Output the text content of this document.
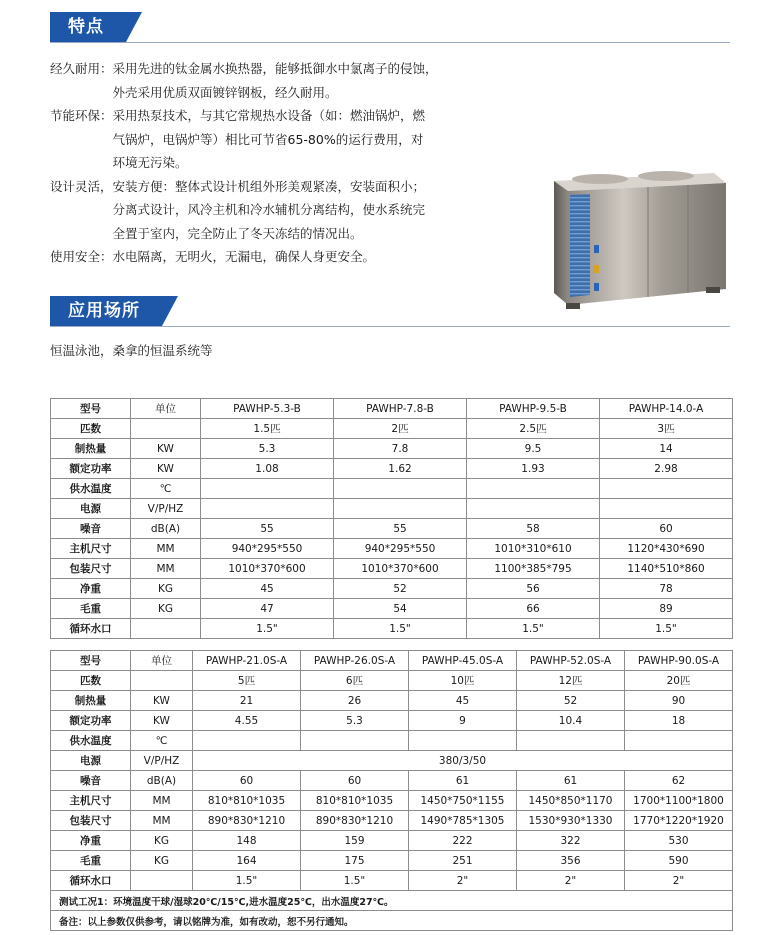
特点
经久耐用： 采用先进的钛金属水换热器，能够抵御水中氯离子的侵蚀，
外壳采用优质双面镀锌钢板，经久耐用。
节能环保： 采用热泵技术，与其它常规热水设备（如：燃油锅炉，燃
气锅炉，电锅炉等）相比可节省65-80%的运行费用，对
环境无污染。
设计灵活， 安装方便：整体式设计机组外形美观紧凑，安装面积小；
分离式设计，风冷主机和冷水辅机分离结构，使水系统完
全置于室内，完全防止了冬天冻结的情况出。
使用安全： 水电隔离，无明火，无漏电，确保人身更安全。
应用场所
恒温泳池，桑拿的恒温系统等
型号	单位	PAWHP-5.3-B	PAWHP-7.8-B	PAWHP-9.5-B	PAWHP-14.0-A
匹数		1.5匹	2匹	2.5匹	3匹
制热量	KW	5.3	7.8	9.5	14
额定功率	KW	1.08	1.62	1.93	2.98
供水温度	℃				
电源	V/P/HZ				
噪音	dB(A)	55	55	58	60
主机尺寸	MM	940*295*550	940*295*550	1010*310*610	1120*430*690
包装尺寸	MM	1010*370*600	1010*370*600	1100*385*795	1140*510*860
净重	KG	45	52	56	78
毛重	KG	47	54	66	89
循环水口		1.5"	1.5"	1.5"	1.5"
型号	单位	PAWHP-21.0S-A	PAWHP-26.0S-A	PAWHP-45.0S-A	PAWHP-52.0S-A	PAWHP-90.0S-A
匹数		5匹	6匹	10匹	12匹	20匹
制热量	KW	21	26	45	52	90
额定功率	KW	4.55	5.3	9	10.4	18
供水温度	℃					
电源	V/P/HZ	380/3/50				
噪音	dB(A)	60	60	61	61	62
主机尺寸	MM	810*810*1035	810*810*1035	1450*750*1155	1450*850*1170	1700*1100*1800
包装尺寸	MM	890*830*1210	890*830*1210	1490*785*1305	1530*930*1330	1770*1220*1920
净重	KG	148	159	222	322	530
毛重	KG	164	175	251	356	590
循环水口		1.5"	1.5"	2"	2"	2"
测试工况1：环境温度干球/湿球20℃/15℃,进水温度25℃，出水温度27℃。						
备注：以上参数仅供参考，请以铭牌为准，如有改动，恕不另行通知。						
